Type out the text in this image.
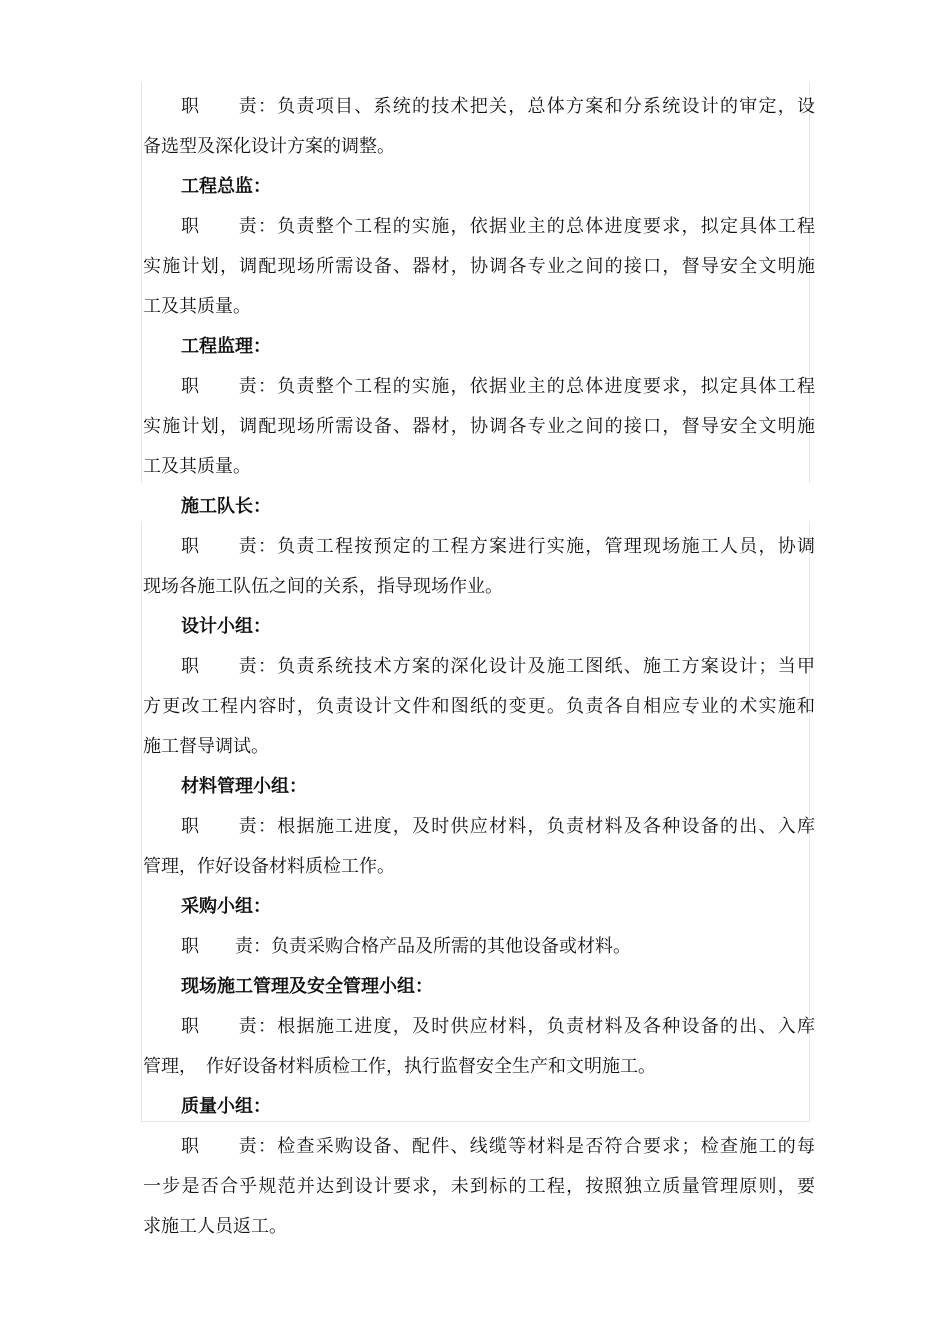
职　　责：负责项目、系统的技术把关，总体方案和分系统设计的审定，设
备选型及深化设计方案的调整。
工程总监：
职　　责：负责整个工程的实施，依据业主的总体进度要求，拟定具体工程
实施计划，调配现场所需设备、器材，协调各专业之间的接口，督导安全文明施
工及其质量。
工程监理：
职　　责：负责整个工程的实施，依据业主的总体进度要求，拟定具体工程
实施计划，调配现场所需设备、器材，协调各专业之间的接口，督导安全文明施
工及其质量。
施工队长：
职　　责：负责工程按预定的工程方案进行实施，管理现场施工人员，协调
现场各施工队伍之间的关系，指导现场作业。
设计小组：
职　　责：负责系统技术方案的深化设计及施工图纸、施工方案设计；当甲
方更改工程内容时，负责设计文件和图纸的变更。负责各自相应专业的术实施和
施工督导调试。
材料管理小组：
职　　责：根据施工进度，及时供应材料，负责材料及各种设备的出、入库
管理，作好设备材料质检工作。
采购小组：
职　　责：负责采购合格产品及所需的其他设备或材料。
现场施工管理及安全管理小组：
职　　责：根据施工进度，及时供应材料，负责材料及各种设备的出、入库
管理，　作好设备材料质检工作，执行监督安全生产和文明施工。
质量小组：
职　　责：检查采购设备、配件、线缆等材料是否符合要求；检查施工的每
一步是否合乎规范并达到设计要求，未到标的工程，按照独立质量管理原则，要
求施工人员返工。
